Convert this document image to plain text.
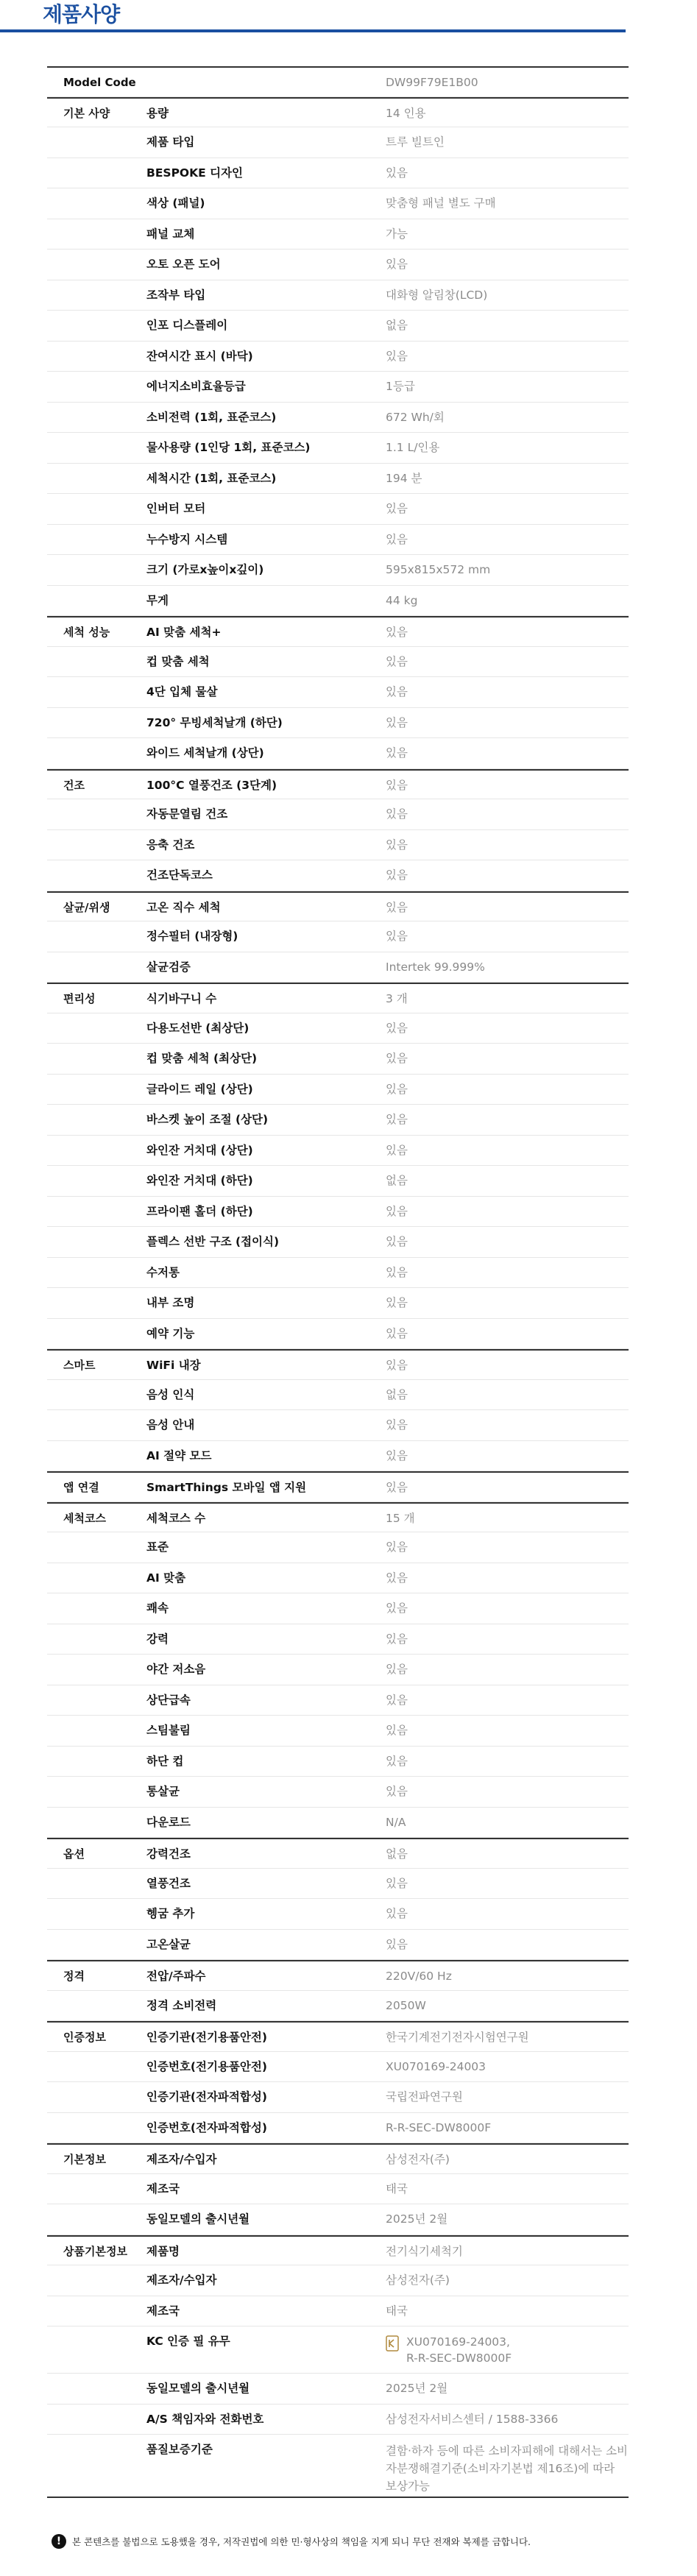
제품사양
Model Code	DW99F79E1B00
기본 사양	용량	14 인용
제품 타입	트루 빌트인
BESPOKE 디자인	있음
색상 (패널)	맞춤형 패널 별도 구매
패널 교체	가능
오토 오픈 도어	있음
조작부 타입	대화형 알림창(LCD)
인포 디스플레이	없음
잔여시간 표시 (바닥)	있음
에너지소비효율등급	1등급
소비전력 (1회, 표준코스)	672 Wh/회
물사용량 (1인당 1회, 표준코스)	1.1 L/인용
세척시간 (1회, 표준코스)	194 분
인버터 모터	있음
누수방지 시스템	있음
크기 (가로x높이x깊이)	595x815x572 mm
무게	44 kg
세척 성능	AI 맞춤 세척+	있음
컵 맞춤 세척	있음
4단 입체 물살	있음
720° 무빙세척날개 (하단)	있음
와이드 세척날개 (상단)	있음
건조	100°C 열풍건조 (3단계)	있음
자동문열림 건조	있음
응축 건조	있음
건조단독코스	있음
살균/위생	고온 직수 세척	있음
정수필터 (내장형)	있음
살균검증	Intertek 99.999%
편리성	식기바구니 수	3 개
다용도선반 (최상단)	있음
컵 맞춤 세척 (최상단)	있음
글라이드 레일 (상단)	있음
바스켓 높이 조절 (상단)	있음
와인잔 거치대 (상단)	있음
와인잔 거치대 (하단)	없음
프라이팬 홀더 (하단)	있음
플렉스 선반 구조 (접이식)	있음
수저통	있음
내부 조명	있음
예약 기능	있음
스마트	WiFi 내장	있음
음성 인식	없음
음성 안내	있음
AI 절약 모드	있음
앱 연결	SmartThings 모바일 앱 지원	있음
세척코스	세척코스 수	15 개
표준	있음
AI 맞춤	있음
쾌속	있음
강력	있음
야간 저소음	있음
상단급속	있음
스팀불림	있음
하단 컵	있음
통살균	있음
다운로드	N/A
옵션	강력건조	없음
열풍건조	있음
헹굼 추가	있음
고온살균	있음
정격	전압/주파수	220V/60 Hz
정격 소비전력	2050W
인증정보	인증기관(전기용품안전)	한국기계전기전자시험연구원
인증번호(전기용품안전)	XU070169-24003
인증기관(전자파적합성)	국립전파연구원
인증번호(전자파적합성)	R-R-SEC-DW8000F
기본정보	제조자/수입자	삼성전자(주)
제조국	태국
동일모델의 출시년월	2025년 2월
상품기본정보	제품명	전기식기세척기
제조자/수입자	삼성전자(주)
제조국	태국
KC 인증 필 유무	XU070169-24003,
R-R-SEC-DW8000F
동일모델의 출시년월	2025년 2월
A/S 책임자와 전화번호	삼성전자서비스센터 / 1588-3366
품질보증기준	결함·하자 등에 따른 소비자피해에 대해서는 소비자분쟁해결기준(소비자기본법 제16조)에 따라 보상가능
!	본 콘텐츠를 불법으로 도용했을 경우, 저작권법에 의한 민·형사상의 책임을 지게 되니 무단 전재와 복제를 금합니다.
